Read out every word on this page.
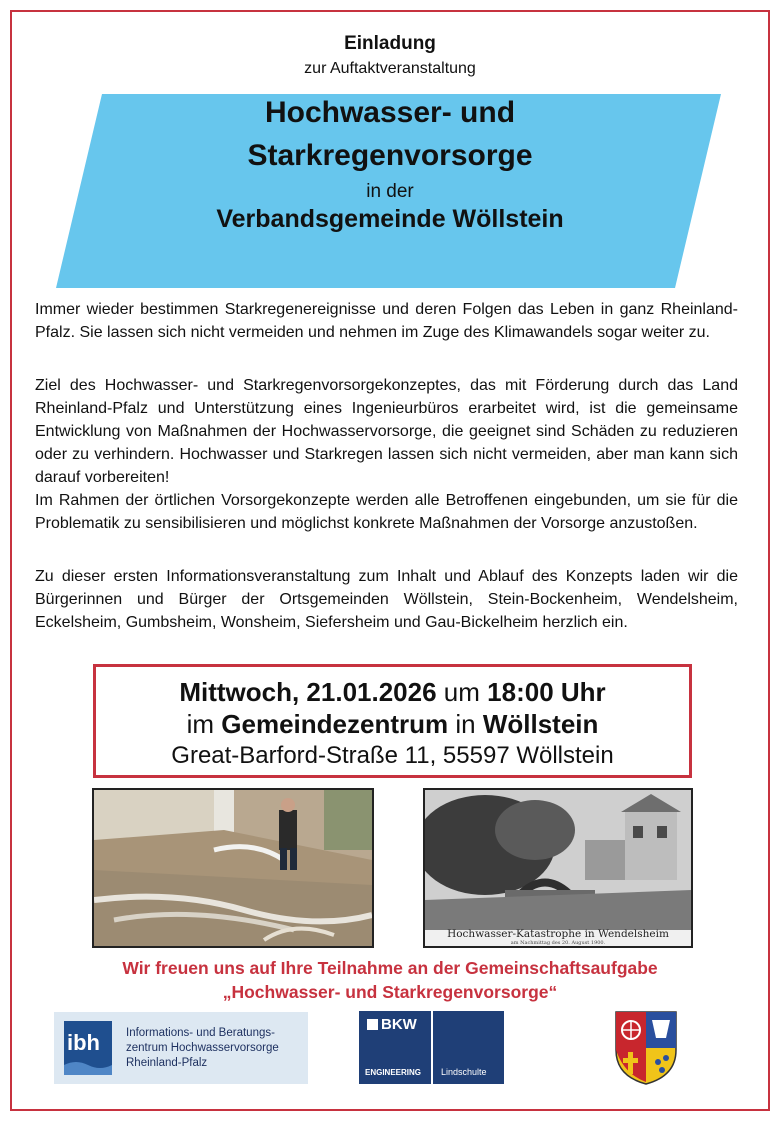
Einladung
zur Auftaktveranstaltung
Hochwasser- und
Starkregenvorsorge
in der
Verbandsgemeinde Wöllstein

Immer wieder bestimmen Starkregenereignisse und deren Folgen das Leben in ganz Rheinland-Pfalz. Sie lassen sich nicht vermeiden und nehmen im Zuge des Klimawandels sogar weiter zu.

Ziel des Hochwasser- und Starkregenvorsorgekonzeptes, das mit Förderung durch das Land Rheinland-Pfalz und Unterstützung eines Ingenieurbüros erarbeitet wird, ist die gemeinsame Entwicklung von Maßnahmen der Hochwasservorsorge, die geeignet sind Schäden zu reduzieren oder zu verhindern. Hochwasser und Starkregen lassen sich nicht vermeiden, aber man kann sich darauf vorbereiten!

Im Rahmen der örtlichen Vorsorgekonzepte werden alle Betroffenen eingebunden, um sie für die Problematik zu sensibilisieren und möglichst konkrete Maßnahmen der Vorsorge anzustoßen.

Zu dieser ersten Informationsveranstaltung zum Inhalt und Ablauf des Konzepts laden wir die Bürgerinnen und Bürger der Ortsgemeinden Wöllstein, Stein-Bockenheim, Wendelsheim, Eckelsheim, Gumbsheim, Wonsheim, Siefersheim und Gau-Bickelheim herzlich ein.

Mittwoch, 21.01.2026 um 18:00 Uhr
im Gemeindezentrum in Wöllstein
Great-Barford-Straße 11, 55597 Wöllstein
Hochwasser-Katastrophe in Wendelsheim
am Nachmittag des 20. August 1900.
Wir freuen uns auf Ihre Teilnahme an der Gemeinschaftsaufgabe
„Hochwasser- und Starkregenvorsorge“
ibh Informations- und Beratungs-
zentrum Hochwasservorsorge
Rheinland-Pfalz
BKW
ENGINEERING Lindschulte
